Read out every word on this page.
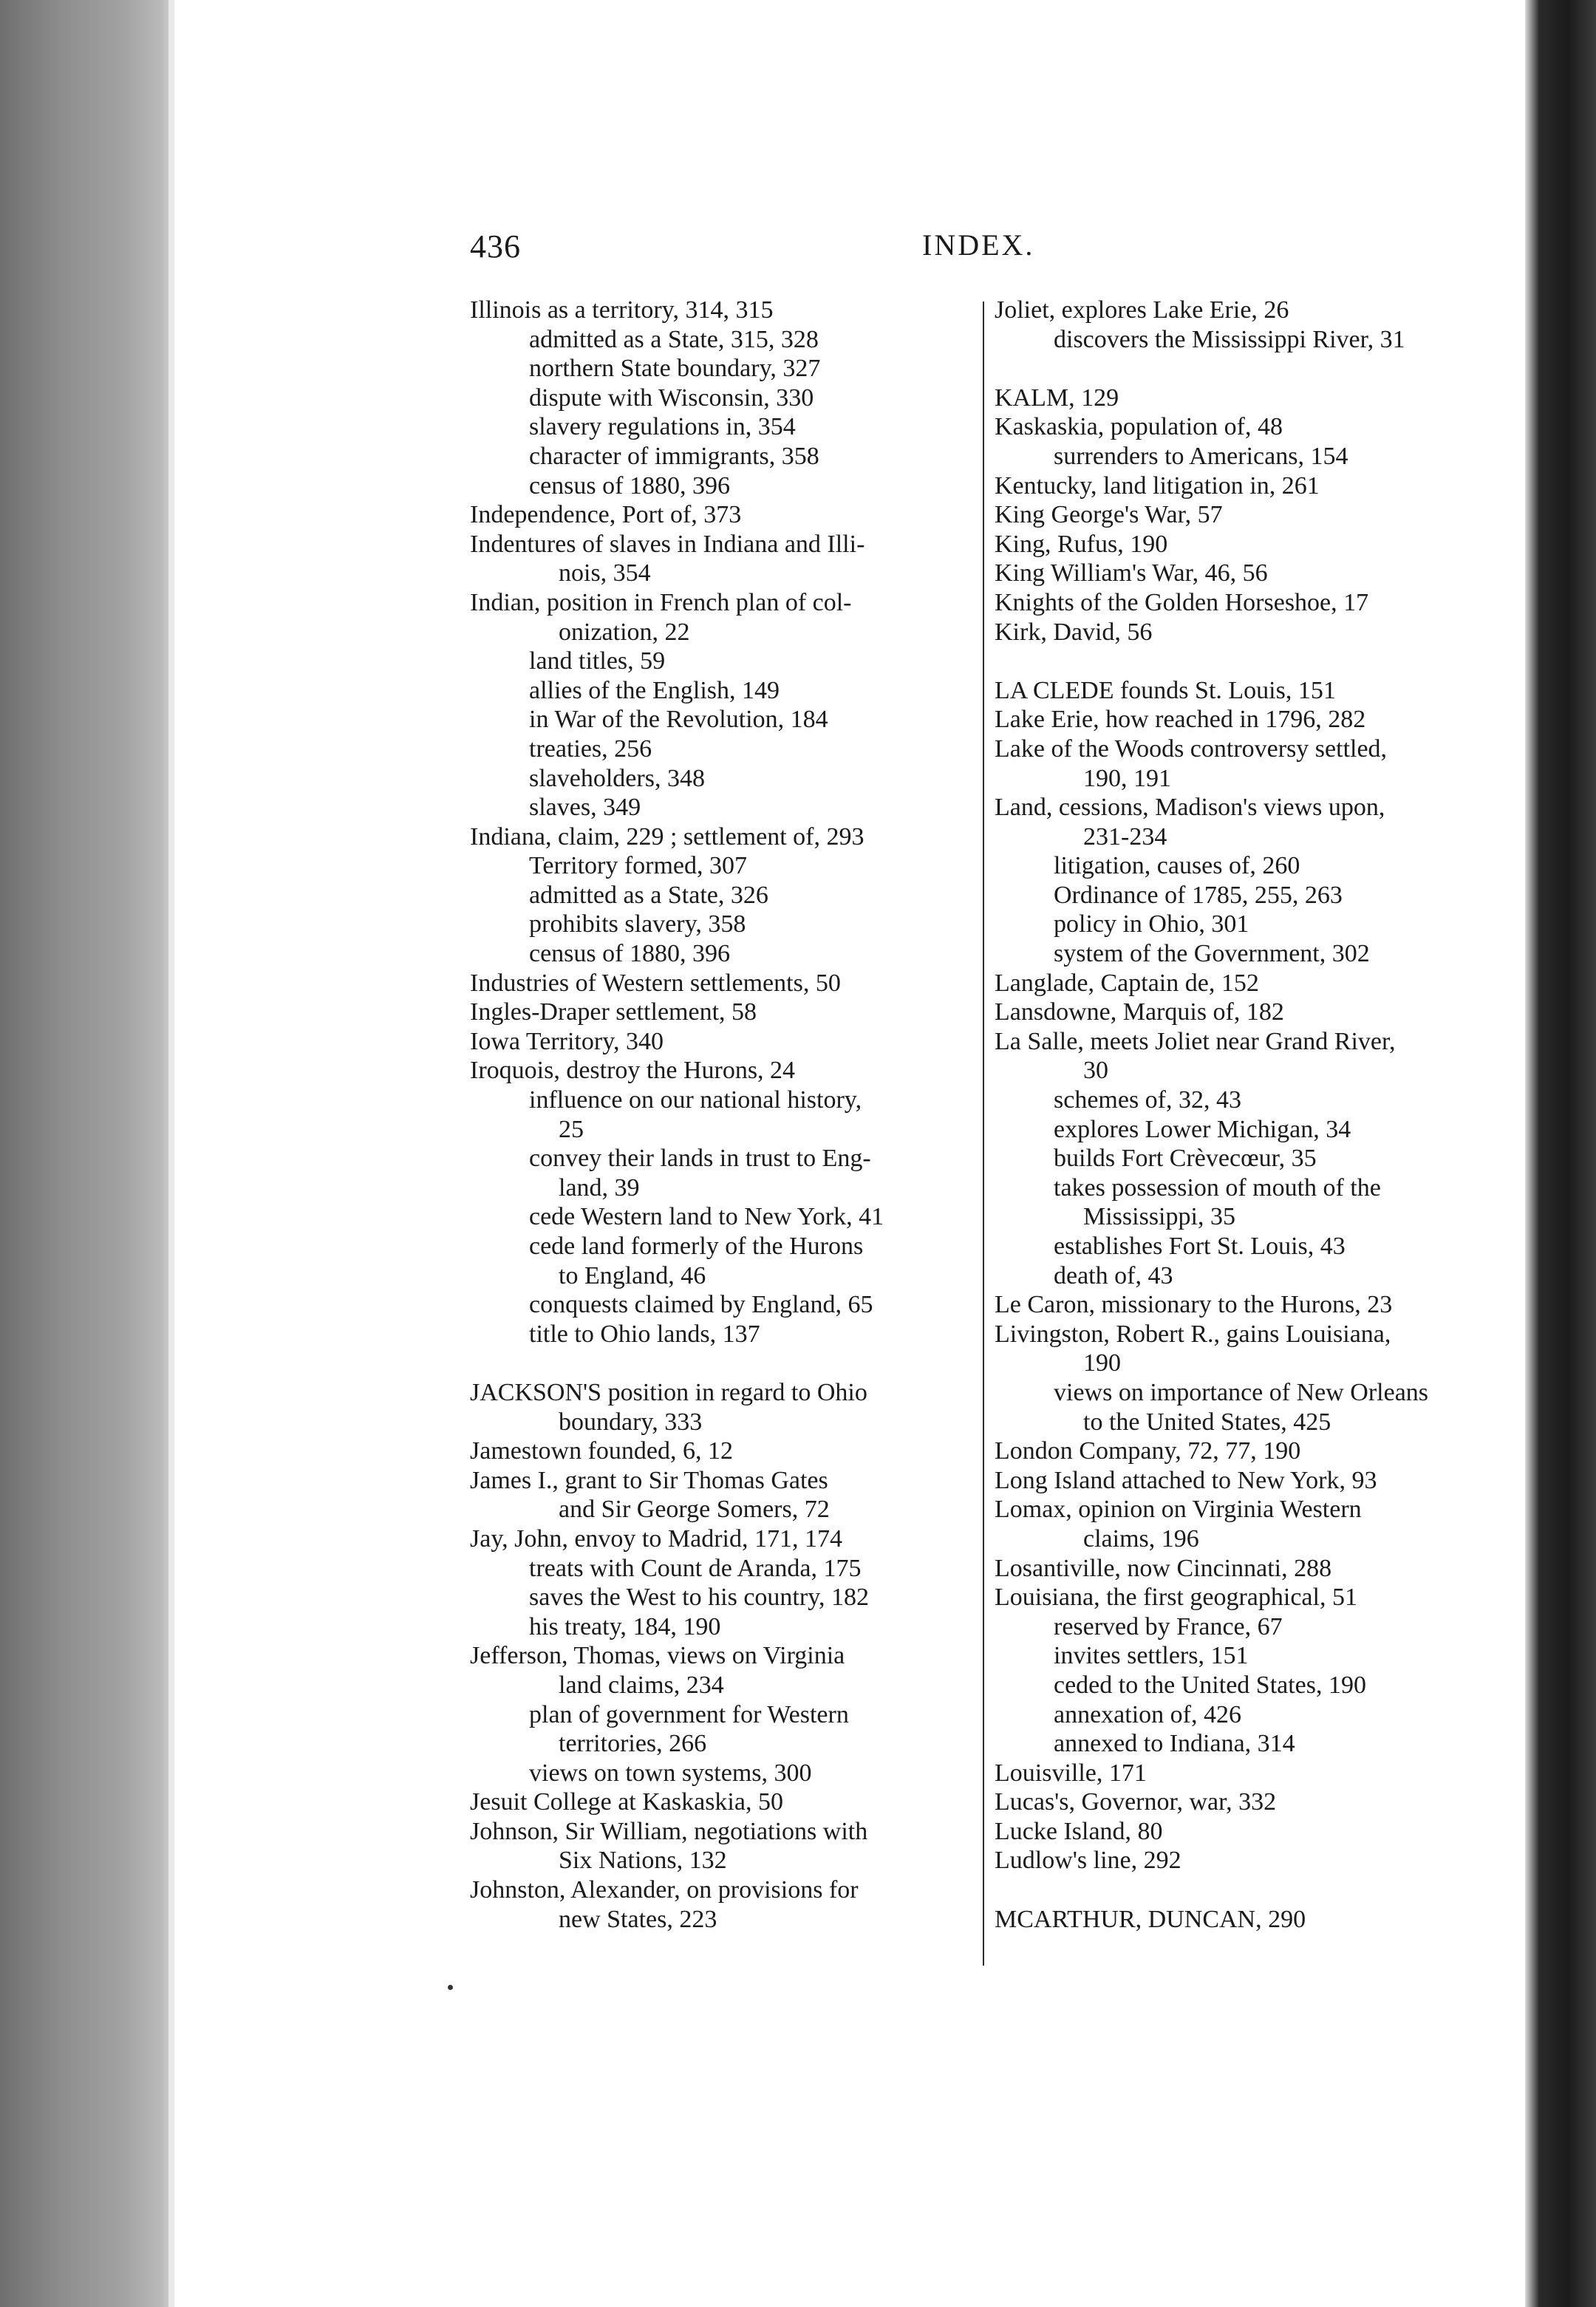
436	INDEX.
Illinois as a territory, 314, 315
admitted as a State, 315, 328
northern State boundary, 327
dispute with Wisconsin, 330
slavery regulations in, 354
character of immigrants, 358
census of 1880, 396
Independence, Port of, 373
Indentures of slaves in Indiana and Illi-
nois, 354
Indian, position in French plan of col-
onization, 22
land titles, 59
allies of the English, 149
in War of the Revolution, 184
treaties, 256
slaveholders, 348
slaves, 349
Indiana, claim, 229 ; settlement of, 293
Territory formed, 307
admitted as a State, 326
prohibits slavery, 358
census of 1880, 396
Industries of Western settlements, 50
Ingles-Draper settlement, 58
Iowa Territory, 340
Iroquois, destroy the Hurons, 24
influence on our national history,
25
convey their lands in trust to Eng-
land, 39
cede Western land to New York, 41
cede land formerly of the Hurons
to England, 46
conquests claimed by England, 65
title to Ohio lands, 137
JACKSON'S position in regard to Ohio
boundary, 333
Jamestown founded, 6, 12
James I., grant to Sir Thomas Gates
and Sir George Somers, 72
Jay, John, envoy to Madrid, 171, 174
treats with Count de Aranda, 175
saves the West to his country, 182
his treaty, 184, 190
Jefferson, Thomas, views on Virginia
land claims, 234
plan of government for Western
territories, 266
views on town systems, 300
Jesuit College at Kaskaskia, 50
Johnson, Sir William, negotiations with
Six Nations, 132
Johnston, Alexander, on provisions for
new States, 223
Joliet, explores Lake Erie, 26
discovers the Mississippi River, 31
KALM, 129
Kaskaskia, population of, 48
surrenders to Americans, 154
Kentucky, land litigation in, 261
King George's War, 57
King, Rufus, 190
King William's War, 46, 56
Knights of the Golden Horseshoe, 17
Kirk, David, 56
LA CLEDE founds St. Louis, 151
Lake Erie, how reached in 1796, 282
Lake of the Woods controversy settled,
190, 191
Land, cessions, Madison's views upon,
231-234
litigation, causes of, 260
Ordinance of 1785, 255, 263
policy in Ohio, 301
system of the Government, 302
Langlade, Captain de, 152
Lansdowne, Marquis of, 182
La Salle, meets Joliet near Grand River,
30
schemes of, 32, 43
explores Lower Michigan, 34
builds Fort Crèvecœur, 35
takes possession of mouth of the
Mississippi, 35
establishes Fort St. Louis, 43
death of, 43
Le Caron, missionary to the Hurons, 23
Livingston, Robert R., gains Louisiana,
190
views on importance of New Orleans
to the United States, 425
London Company, 72, 77, 190
Long Island attached to New York, 93
Lomax, opinion on Virginia Western
claims, 196
Losantiville, now Cincinnati, 288
Louisiana, the first geographical, 51
reserved by France, 67
invites settlers, 151
ceded to the United States, 190
annexation of, 426
annexed to Indiana, 314
Louisville, 171
Lucas's, Governor, war, 332
Lucke Island, 80
Ludlow's line, 292
MCARTHUR, DUNCAN, 290
